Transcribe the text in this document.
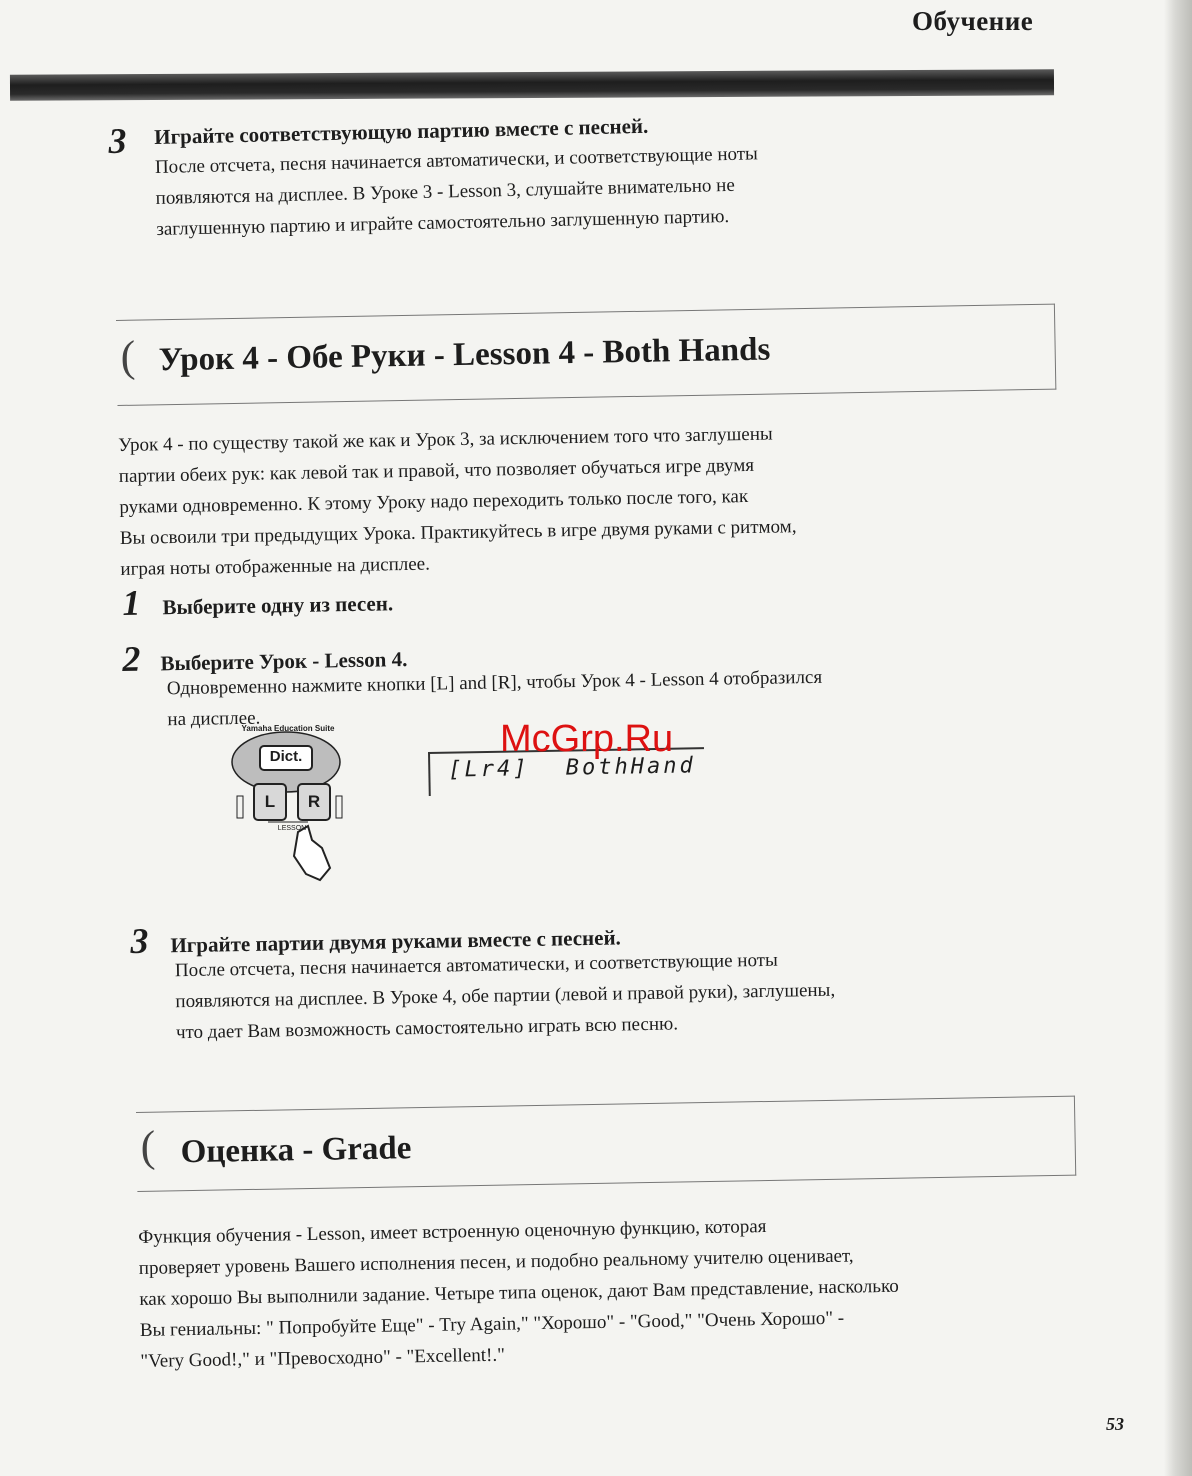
Обучение
3 Играйте соответствующую партию вместе с песней.
После отсчета, песня начинается автоматически, и соответствующие ноты
появляются на дисплее. В Уроке 3 - Lesson 3, слушайте внимательно не
заглушенную партию и играйте самостоятельно заглушенную партию.
( Урок 4 - Обе Руки - Lesson 4 - Both Hands
Урок 4 - по существу такой же как и Урок 3, за исключением того что заглушены
партии обеих рук: как левой так и правой, что позволяет обучаться игре двумя
руками одновременно. К этому Уроку надо переходить только после того, как
Вы освоили три предыдущих Урока. Практикуйтесь в игре двумя руками с ритмом,
играя ноты отображенные на дисплее.
1 Выберите одну из песен.
2 Выберите Урок - Lesson 4.
Одновременно нажмите кнопки [L] and [R], чтобы Урок 4 - Lesson 4 отобразился
на дисплее.
Yamaha Education Suite
Dict.
L	R
LESSON
[Lr4] BothHand
McGrp.Ru
3 Играйте партии двумя руками вместе с песней.
После отсчета, песня начинается автоматически, и соответствующие ноты
появляются на дисплее. В Уроке 4, обе партии (левой и правой руки), заглушены,
что дает Вам возможность самостоятельно играть всю песню.
( Оценка - Grade
Функция обучения - Lesson, имеет встроенную оценочную функцию, которая
проверяет уровень Вашего исполнения песен, и подобно реальному учителю оценивает,
как хорошо Вы выполнили задание. Четыре типа оценок, дают Вам представление, насколько
Вы гениальны: " Попробуйте Еще" - Try Again," "Хорошо" - "Good," "Очень Хорошо" -
"Very Good!," и "Превосходно" - "Excellent!."
53
